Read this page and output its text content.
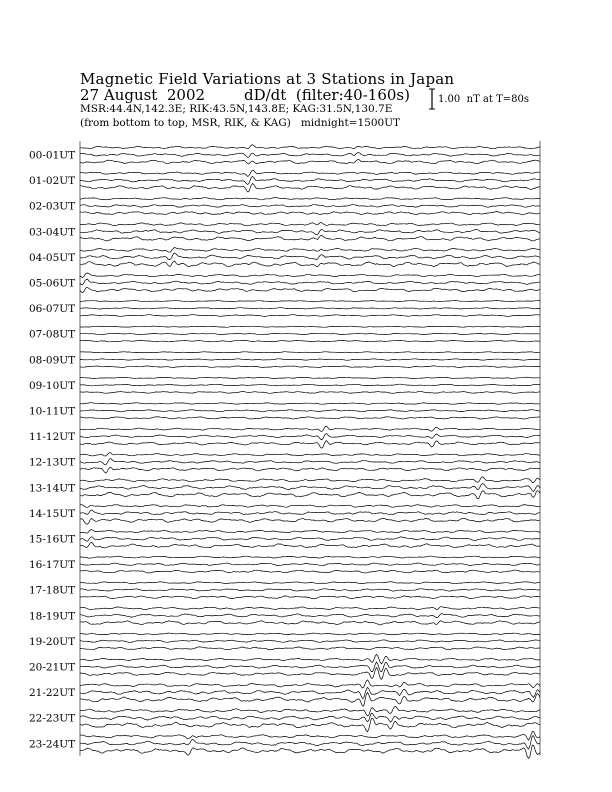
Magnetic Field Variations at 3 Stations in Japan
27 August  2002	dD/dt  (filter:40-160s)
MSR:44.4N,142.3E; RIK:43.5N,143.8E; KAG:31.5N,130.7E
(from bottom to top, MSR, RIK, & KAG)   midnight=1500UT
1.00  nT at T=80s
00-01UT
01-02UT
02-03UT
03-04UT
04-05UT
05-06UT
06-07UT
07-08UT
08-09UT
09-10UT
10-11UT
11-12UT
12-13UT
13-14UT
14-15UT
15-16UT
16-17UT
17-18UT
18-19UT
19-20UT
20-21UT
21-22UT
22-23UT
23-24UT
